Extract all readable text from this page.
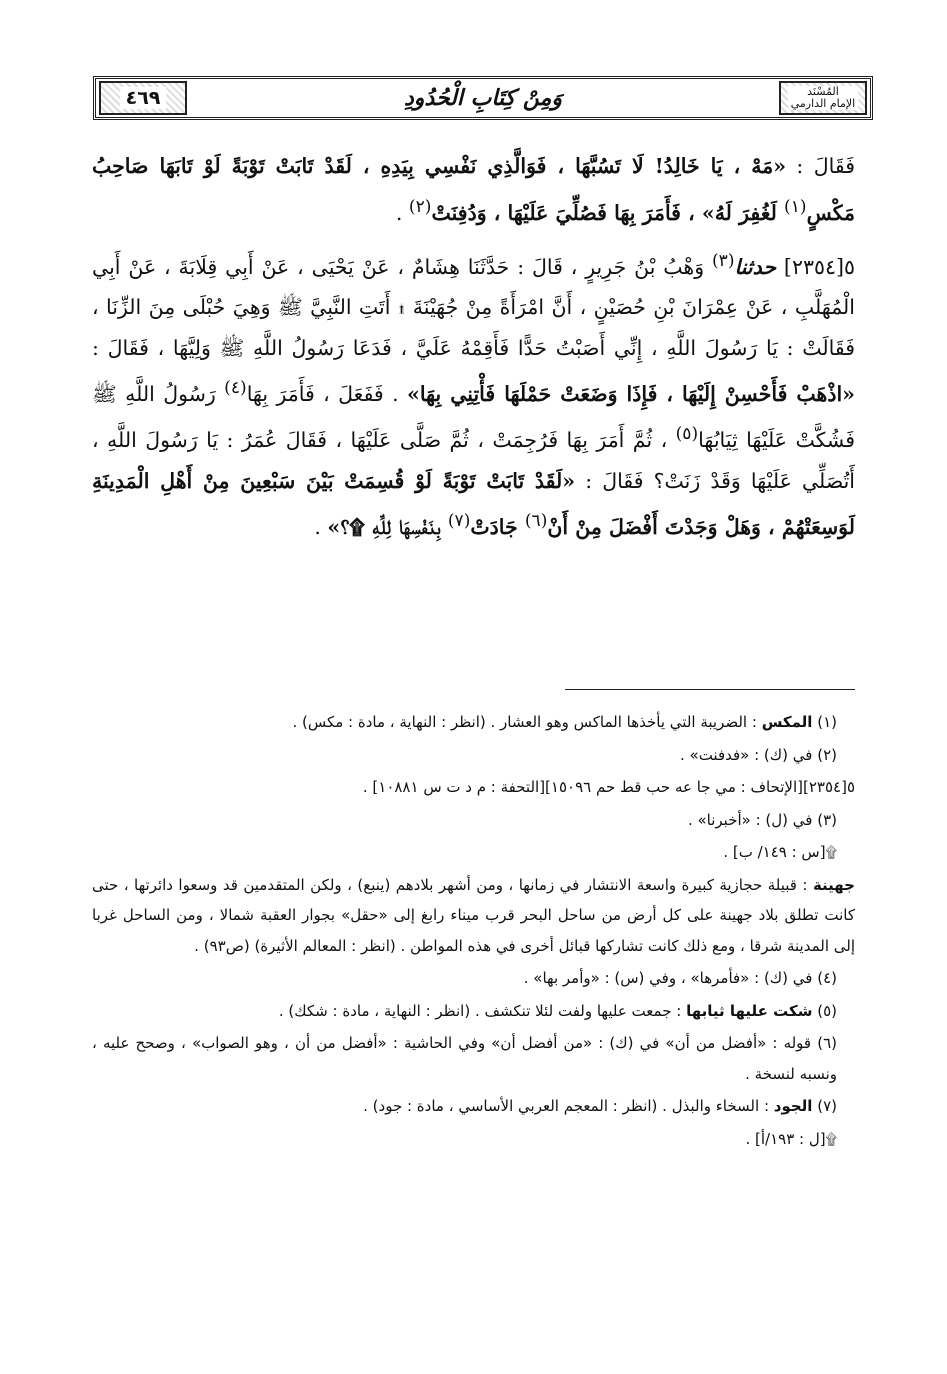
٤٦٩	وَمِنْ كِتَابِ الْحُدُودِ	المُسْنَد
الإمام الدارمي

فَقَالَ : «مَهْ ، يَا خَالِدُ! لَا تَسُبَّهَا ، فَوَالَّذِي نَفْسِي بِيَدِهِ ، لَقَدْ تَابَتْ تَوْبَةً لَوْ تَابَهَا صَاحِبُ مَكْسٍ$^{(١)}$ لَغُفِرَ لَهُ» ، فَأَمَرَ بِهَا فَصُلِّيَ عَلَيْهَا ، وَدُفِنَتْ$^{(٢)}$ .

٥[٢٣٥٤] حدثنا$^{(٣)}$ وَهْبُ بْنُ جَرِيرٍ ، قَالَ : حَدَّثَنَا هِشَامٌ ، عَنْ يَحْيَى ، عَنْ أَبِي قِلَابَةَ ، عَنْ أَبِي الْمُهَلَّبِ ، عَنْ عِمْرَانَ بْنِ حُصَيْنٍ ، أَنَّ امْرَأَةً مِنْ جُهَيْنَةَ ۩ أَتَتِ النَّبِيَّ ﷺ وَهِيَ حُبْلَى مِنَ الزِّنَا ، فَقَالَتْ : يَا رَسُولَ اللَّهِ ، إِنِّي أَصَبْتُ حَدًّا فَأَقِمْهُ عَلَيَّ ، فَدَعَا رَسُولُ اللَّهِ ﷺ وَلِيَّهَا ، فَقَالَ : «اذْهَبْ فَأَحْسِنْ إِلَيْهَا ، فَإِذَا وَضَعَتْ حَمْلَهَا فَأْتِنِي بِهَا» . فَفَعَلَ ، فَأَمَرَ بِهَا$^{(٤)}$ رَسُولُ اللَّهِ ﷺ فَشُكَّتْ عَلَيْهَا ثِيَابُهَا$^{(٥)}$ ، ثُمَّ أَمَرَ بِهَا فَرُجِمَتْ ، ثُمَّ صَلَّى عَلَيْهَا ، فَقَالَ عُمَرُ : يَا رَسُولَ اللَّهِ ، أَتُصَلِّي عَلَيْهَا وَقَدْ زَنَتْ؟ فَقَالَ : «لَقَدْ تَابَتْ تَوْبَةً لَوْ قُسِمَتْ بَيْنَ سَبْعِينَ مِنْ أَهْلِ الْمَدِينَةِ لَوَسِعَتْهُمْ ، وَهَلْ وَجَدْتَ أَفْضَلَ مِنْ أَنْ$^{(٦)}$ جَادَتْ$^{(٧)}$ بِنَفْسِهَا لِلَّهِ ۩؟» .

(١) المكس : الضريبة التي يأخذها الماكس وهو العشار . (انظر : النهاية ، مادة : مكس) .
(٢) في (ك) : «فدفنت» .
٥[٢٣٥٤][الإتحاف : مي جا عه حب قط حم ١٥٠٩٦][التحفة : م د ت س ١٠٨٨١] .
(٣) في (ل) : «أخبرنا» .
۩[س : ١٤٩/ ب] .
جهينة : قبيلة حجازية كبيرة واسعة الانتشار في زمانها ، ومن أشهر بلادهم (ينبع) ، ولكن المتقدمين قد وسعوا دائرتها ، حتى كانت تطلق بلاد جهينة على كل أرض من ساحل البحر قرب ميناء رابغ إلى «حقل» بجوار العقبة شمالا ، ومن الساحل غربا إلى المدينة شرقا ، ومع ذلك كانت تشاركها قبائل أخرى في هذه المواطن . (انظر : المعالم الأثيرة) (ص٩٣) .
(٤) في (ك) : «فأمرها» ، وفي (س) : «وأمر بها» .
(٥) شكت عليها ثيابها : جمعت عليها ولفت لئلا تنكشف . (انظر : النهاية ، مادة : شكك) .
(٦) قوله : «أفضل من أن» في (ك) : «من أفضل أن» وفي الحاشية : «أفضل من أن ، وهو الصواب» ، وصحح عليه ، ونسبه لنسخة .
(٧) الجود : السخاء والبذل . (انظر : المعجم العربي الأساسي ، مادة : جود) .
۩[ل : ١٩٣/أ] .
